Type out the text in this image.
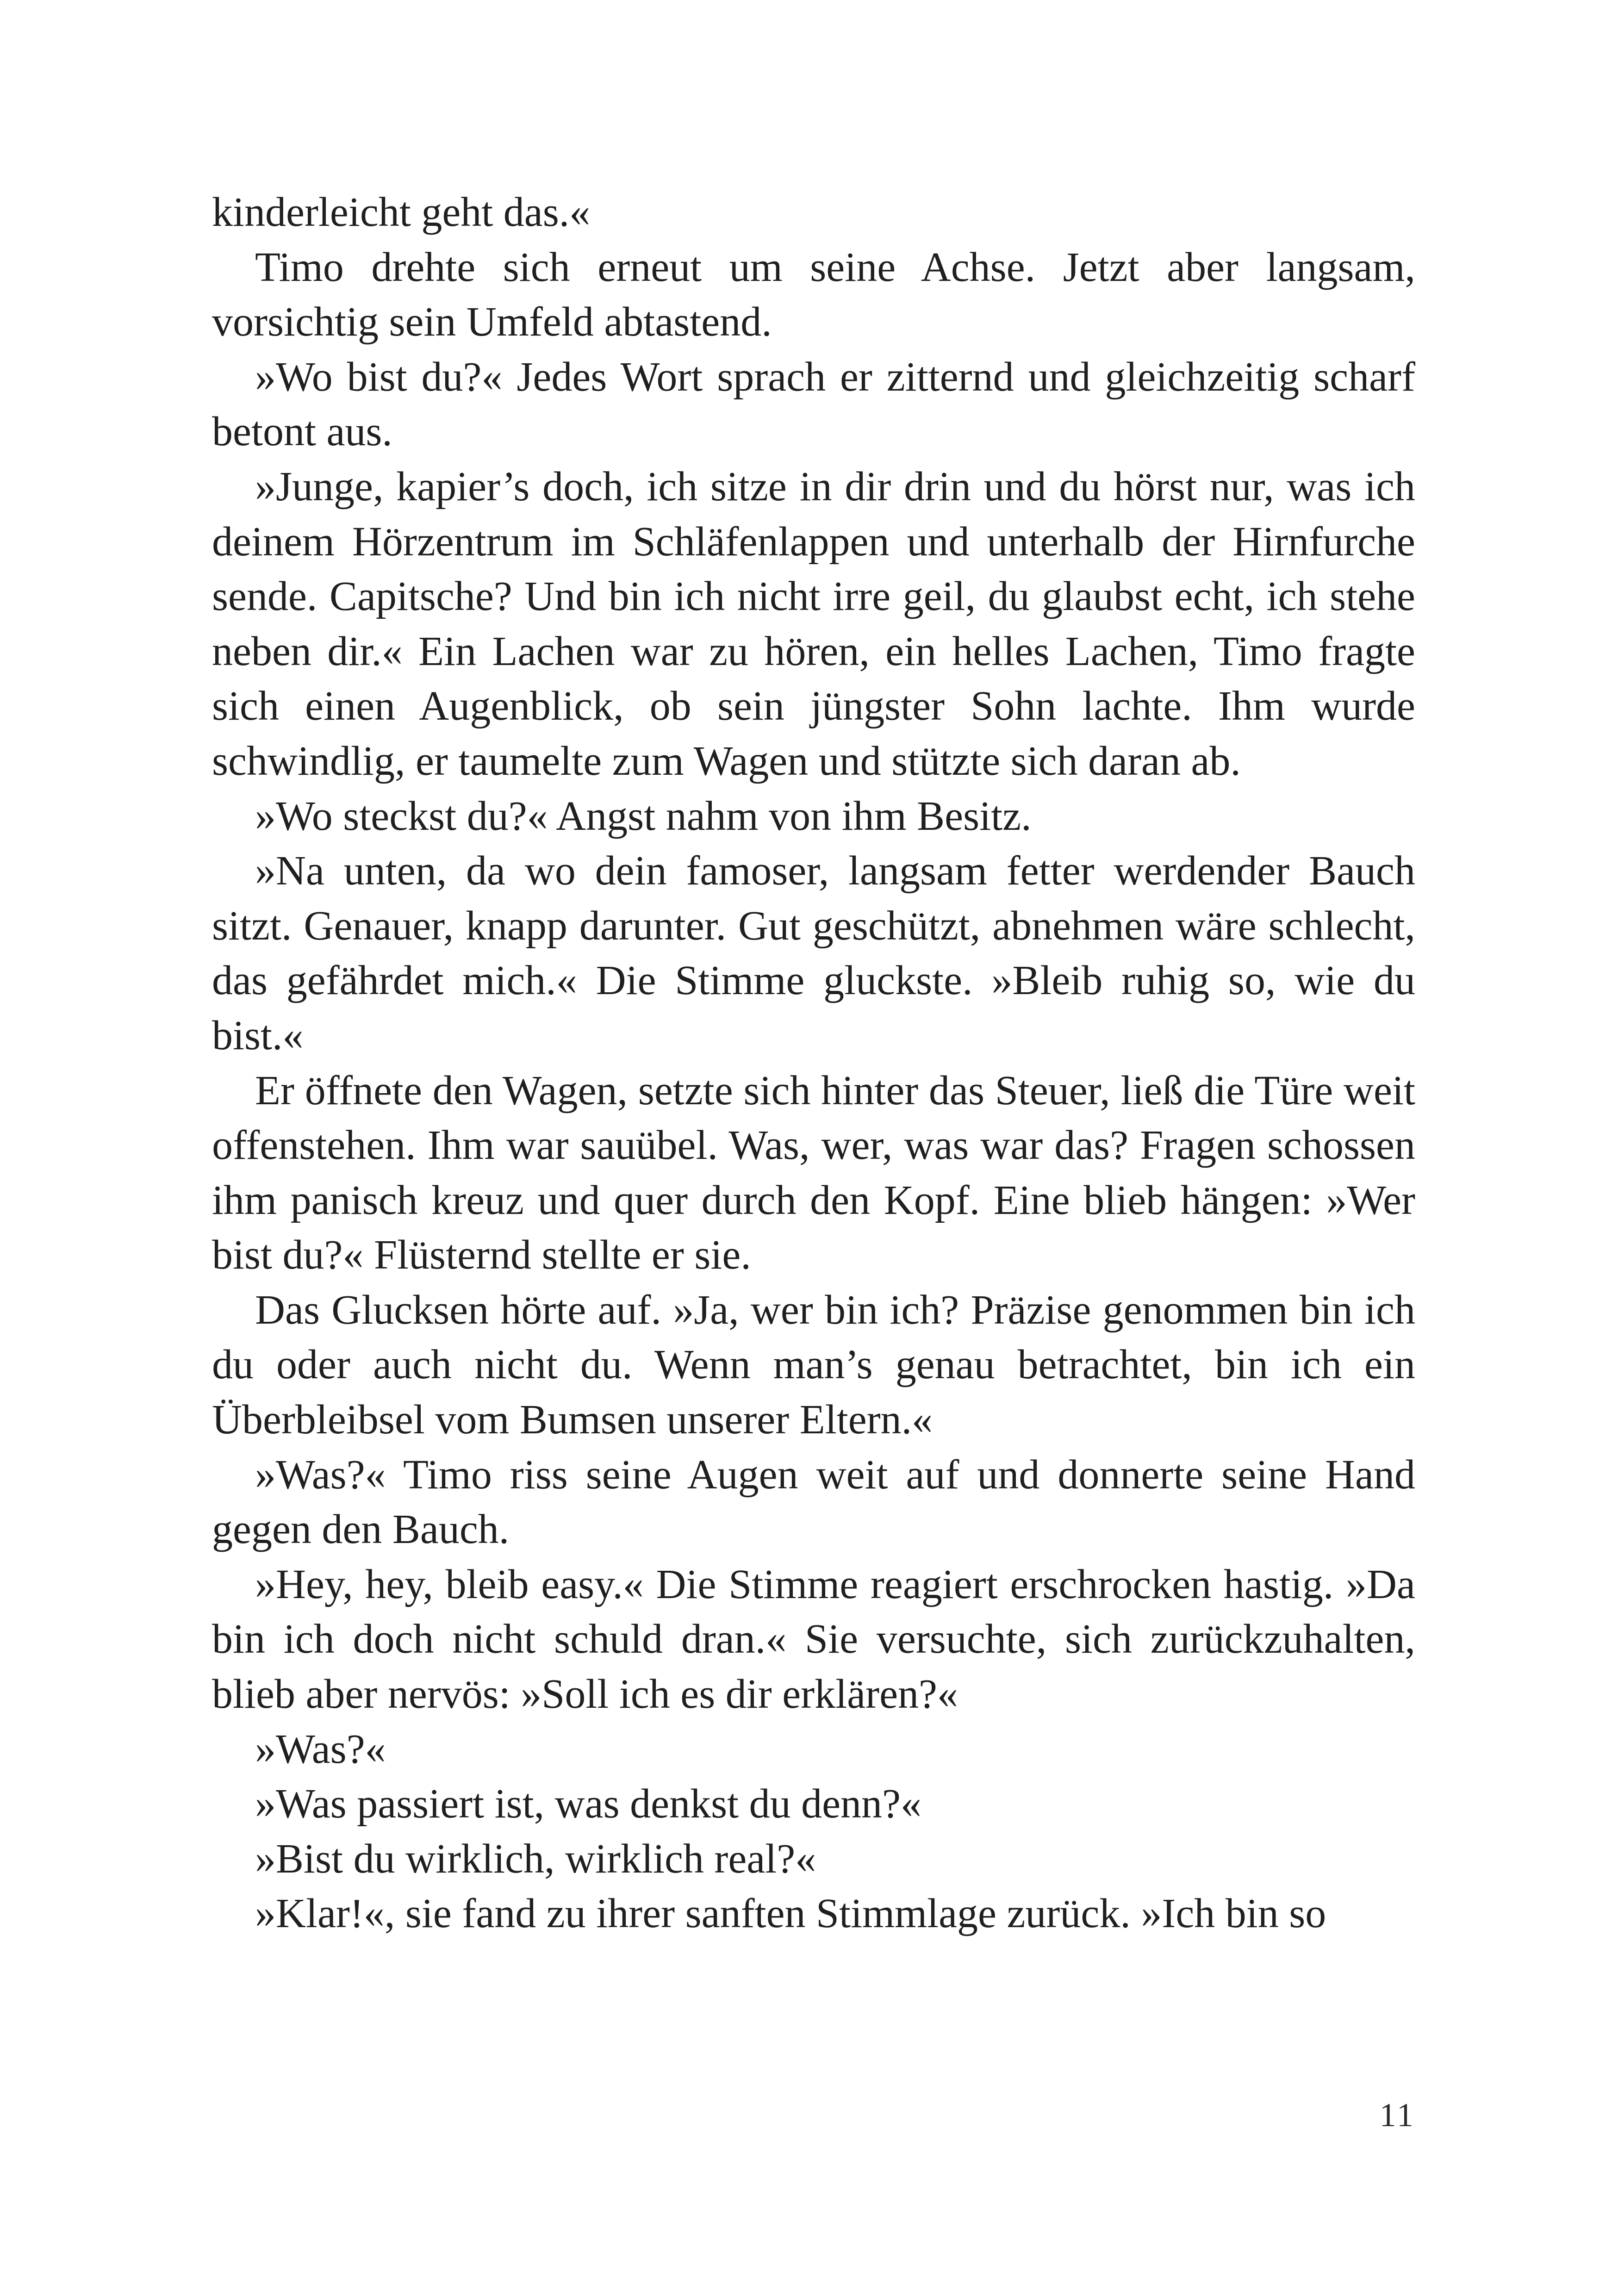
kinderleicht geht das.«

Timo drehte sich erneut um seine Achse. Jetzt aber langsam, vorsichtig sein Umfeld abtastend.

»Wo bist du?« Jedes Wort sprach er zitternd und gleichzeitig scharf betont aus.

»Junge, kapier’s doch, ich sitze in dir drin und du hörst nur, was ich deinem Hörzentrum im Schläfenlappen und unterhalb der Hirnfurche sende. Capitsche? Und bin ich nicht irre geil, du glaubst echt, ich stehe neben dir.« Ein Lachen war zu hören, ein helles Lachen, Timo fragte sich einen Augenblick, ob sein jüngster Sohn lachte. Ihm wurde schwindlig, er taumelte zum Wagen und stützte sich daran ab.

»Wo steckst du?« Angst nahm von ihm Besitz.

»Na unten, da wo dein famoser, langsam fetter werdender Bauch sitzt. Genauer, knapp darunter. Gut geschützt, abnehmen wäre schlecht, das gefährdet mich.« Die Stimme gluckste. »Bleib ruhig so, wie du bist.«

Er öffnete den Wagen, setzte sich hinter das Steuer, ließ die Türe weit offenstehen. Ihm war sauübel. Was, wer, was war das? Fragen schossen ihm panisch kreuz und quer durch den Kopf. Eine blieb hängen: »Wer bist du?« Flüsternd stellte er sie.

Das Glucksen hörte auf. »Ja, wer bin ich? Präzise genommen bin ich du oder auch nicht du. Wenn man’s genau betrachtet, bin ich ein Überbleibsel vom Bumsen unserer Eltern.«

»Was?« Timo riss seine Augen weit auf und donnerte seine Hand gegen den Bauch.

»Hey, hey, bleib easy.« Die Stimme reagiert erschrocken hastig. »Da bin ich doch nicht schuld dran.« Sie versuchte, sich zurückzuhalten, blieb aber nervös: »Soll ich es dir erklären?«

»Was?«

»Was passiert ist, was denkst du denn?«

»Bist du wirklich, wirklich real?«

»Klar!«, sie fand zu ihrer sanften Stimmlage zurück. »Ich bin so

11
